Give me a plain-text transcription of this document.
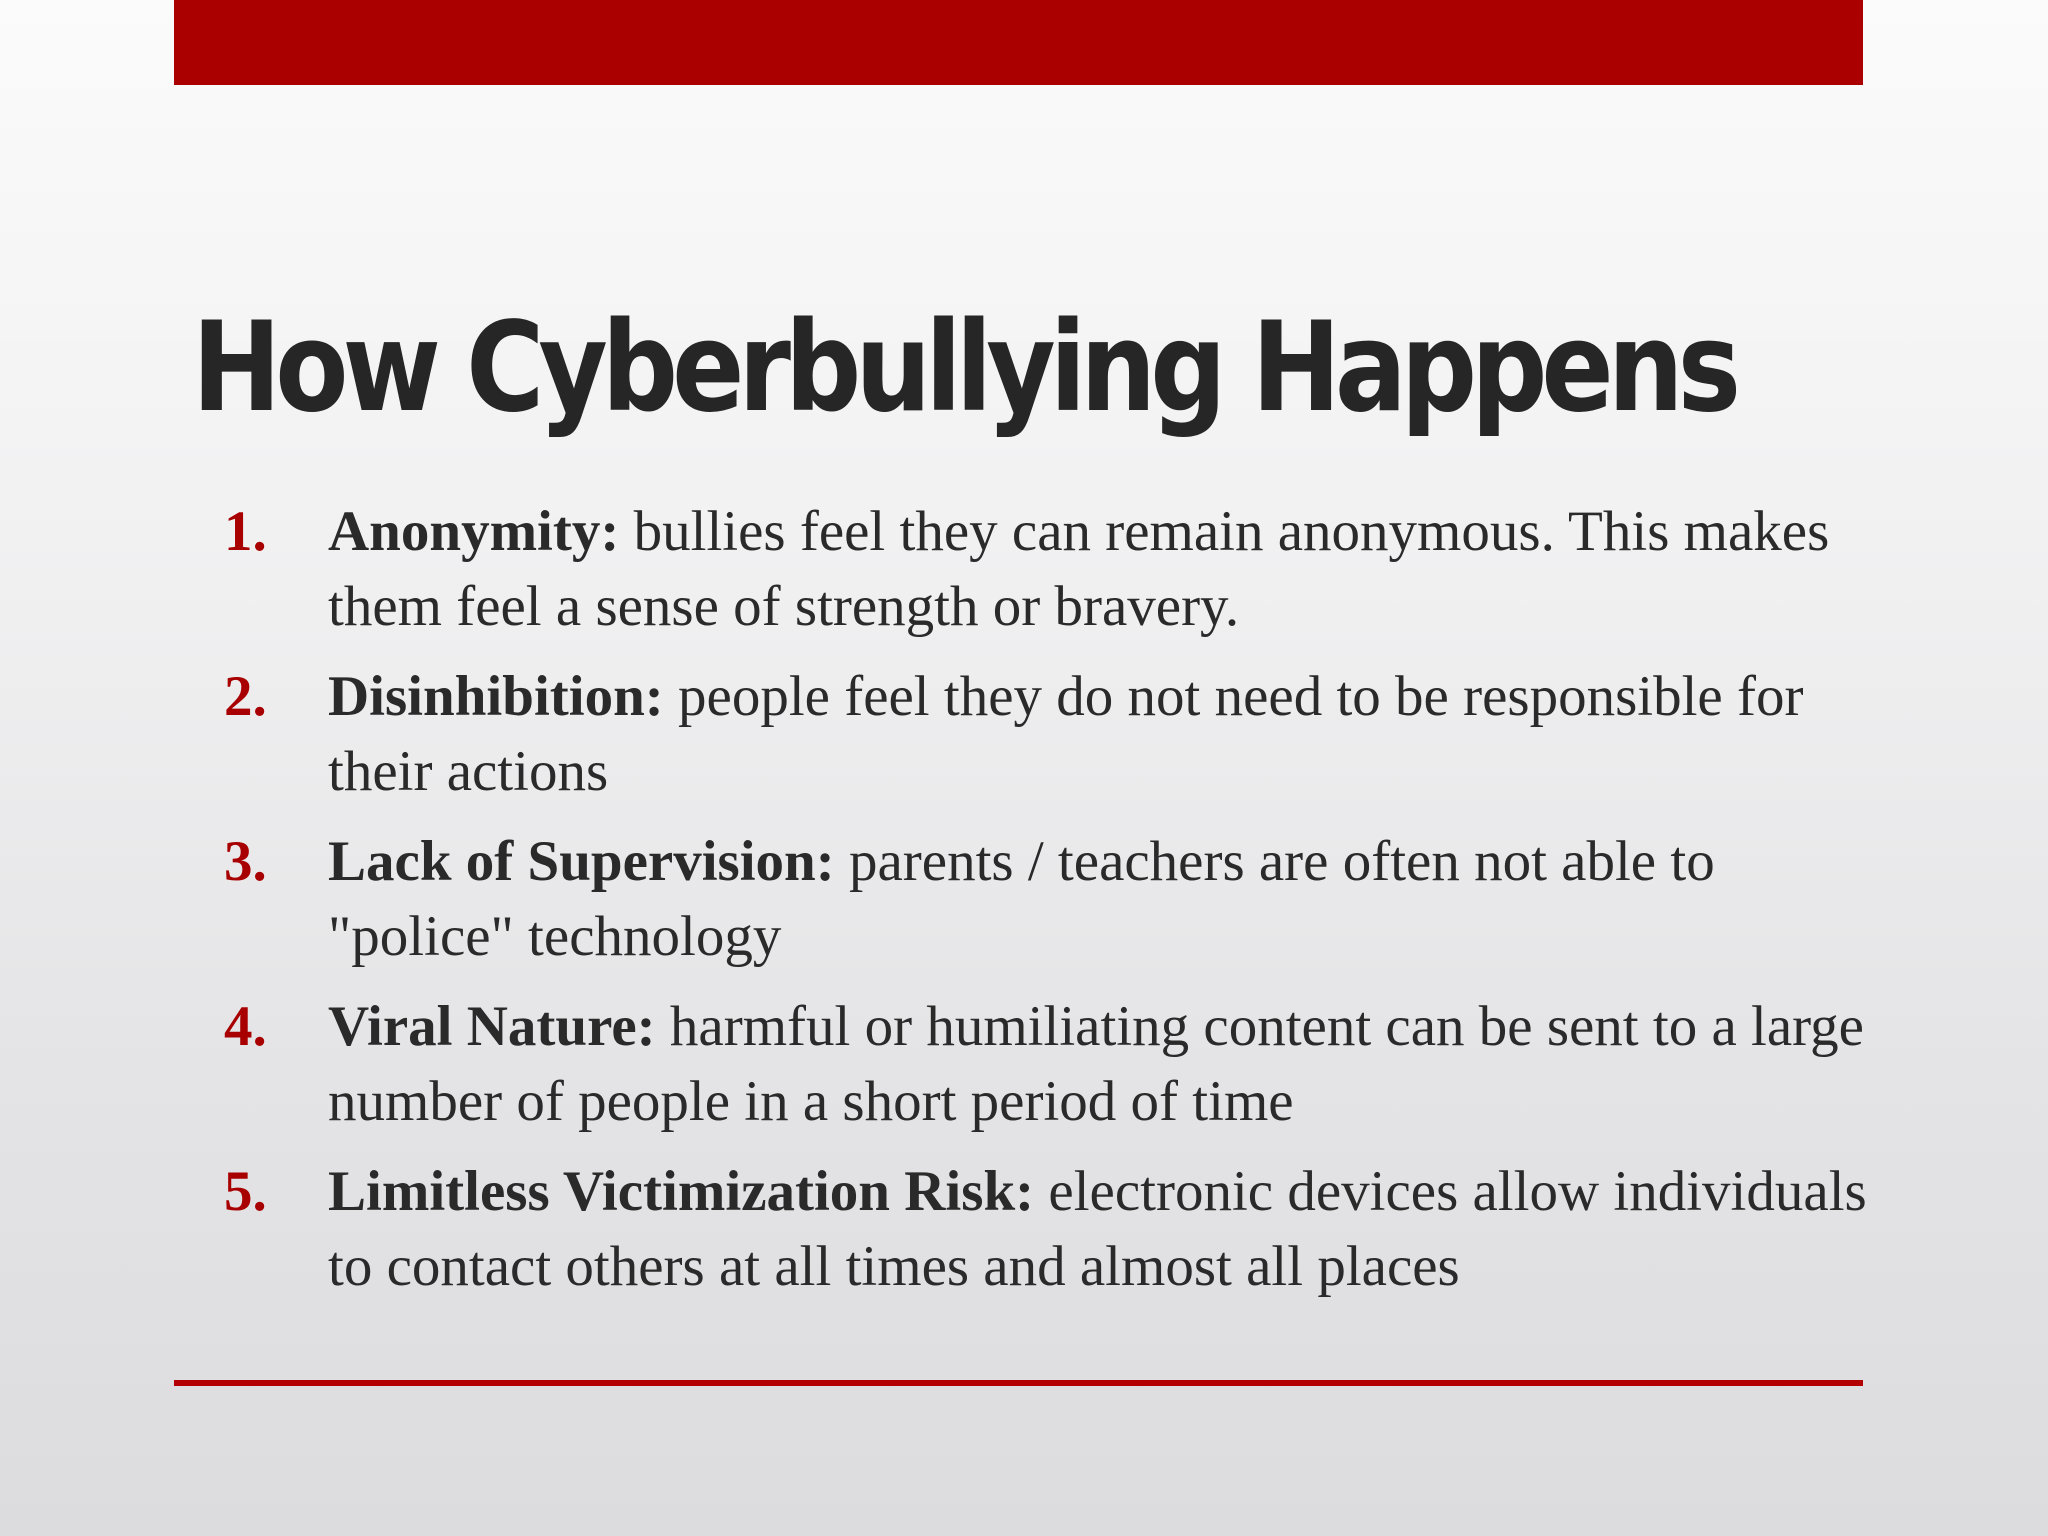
How Cyberbullying Happens
1. Anonymity: bullies feel they can remain anonymous. This makes them feel a sense of strength or bravery.
2. Disinhibition: people feel they do not need to be responsible for their actions
3. Lack of Supervision: parents / teachers are often not able to "police" technology
4. Viral Nature: harmful or humiliating content can be sent to a large number of people in a short period of time
5. Limitless Victimization Risk: electronic devices allow individuals to contact others at all times and almost all places
